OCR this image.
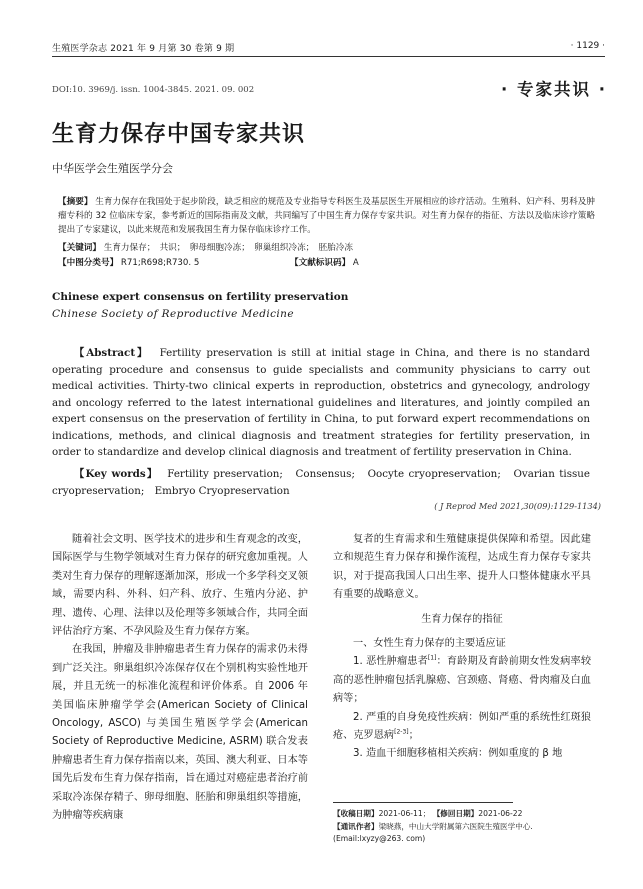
生殖医学杂志 2021 年 9 月第 30 卷第 9 期	· 1129 ·
DOI:10. 3969/j. issn. 1004-3845. 2021. 09. 002	· 专家共识 ·
生育力保存中国专家共识
中华医学会生殖医学分会
【摘要】 生育力保存在我国处于起步阶段，缺乏相应的规范及专业指导专科医生及基层医生开展相应的诊疗活动。生殖科、妇产科、男科及肿瘤专科的 32 位临床专家，参考新近的国际指南及文献，共同编写了中国生育力保存专家共识。对生育力保存的指征、方法以及临床诊疗策略提出了专家建议，以此来规范和发展我国生育力保存临床诊疗工作。
【关键词】 生育力保存；　共识；　卵母细胞冷冻；　卵巢组织冷冻；　胚胎冷冻
【中图分类号】 R71;R698;R730. 5	【文献标识码】 A
Chinese expert consensus on fertility preservation
Chinese Society of Reproductive Medicine

【Abstract】 Fertility preservation is still at initial stage in China, and there is no standard operating procedure and consensus to guide specialists and community physicians to carry out medical activities. Thirty-two clinical experts in reproduction, obstetrics and gynecology, andrology and oncology referred to the latest international guidelines and literatures, and jointly compiled an expert consensus on the preservation of fertility in China, to put forward expert recommendations on indications, methods, and clinical diagnosis and treatment strategies for fertility preservation, in order to standardize and develop clinical diagnosis and treatment of fertility preservation in China.

【Key words】 Fertility preservation;　Consensus;　Oocyte cryopreservation;　Ovarian tissue cryopreservation;　Embryo Cryopreservation

( J Reprod Med 2021,30(09):1129-1134)

随着社会文明、医学技术的进步和生育观念的改变，国际医学与生物学领域对生育力保存的研究愈加重视。人类对生育力保存的理解逐渐加深，形成一个多学科交叉领域，需要内科、外科、妇产科、放疗、生殖内分泌、护理、遗传、心理、法律以及伦理等多领域合作，共同全面评估治疗方案、不孕风险及生育力保存方案。

在我国，肿瘤及非肿瘤患者生育力保存的需求仍未得到广泛关注。卵巢组织冷冻保存仅在个别机构实验性地开展，并且无统一的标准化流程和评价体系。自 2006 年美国临床肿瘤学学会(American Society of Clinical Oncology, ASCO) 与美国生殖医学学会(American Society of Reproductive Medicine, ASRM) 联合发表肿瘤患者生育力保存指南以来，英国、澳大利亚、日本等国先后发布生育力保存指南，旨在通过对癌症患者治疗前采取冷冻保存精子、卵母细胞、胚胎和卵巢组织等措施，为肿瘤等疾病康

复者的生育需求和生殖健康提供保障和希望。因此建立和规范生育力保存和操作流程，达成生育力保存专家共识，对于提高我国人口出生率、提升人口整体健康水平具有重要的战略意义。

生育力保存的指征

一、女性生育力保存的主要适应证

1. 恶性肿瘤患者[1]：育龄期及育龄前期女性发病率较高的恶性肿瘤包括乳腺癌、宫颈癌、肾癌、骨肉瘤及白血病等；

2. 严重的自身免疫性疾病：例如严重的系统性红斑狼疮、克罗恩病[2-3]；

3. 造血干细胞移植相关疾病：例如重度的 β 地

【收稿日期】2021-06-11； 【修回日期】2021-06-22

【通讯作者】梁晓燕，中山大学附属第六医院生殖医学中心.

(Email:lxyzy@263. com)
